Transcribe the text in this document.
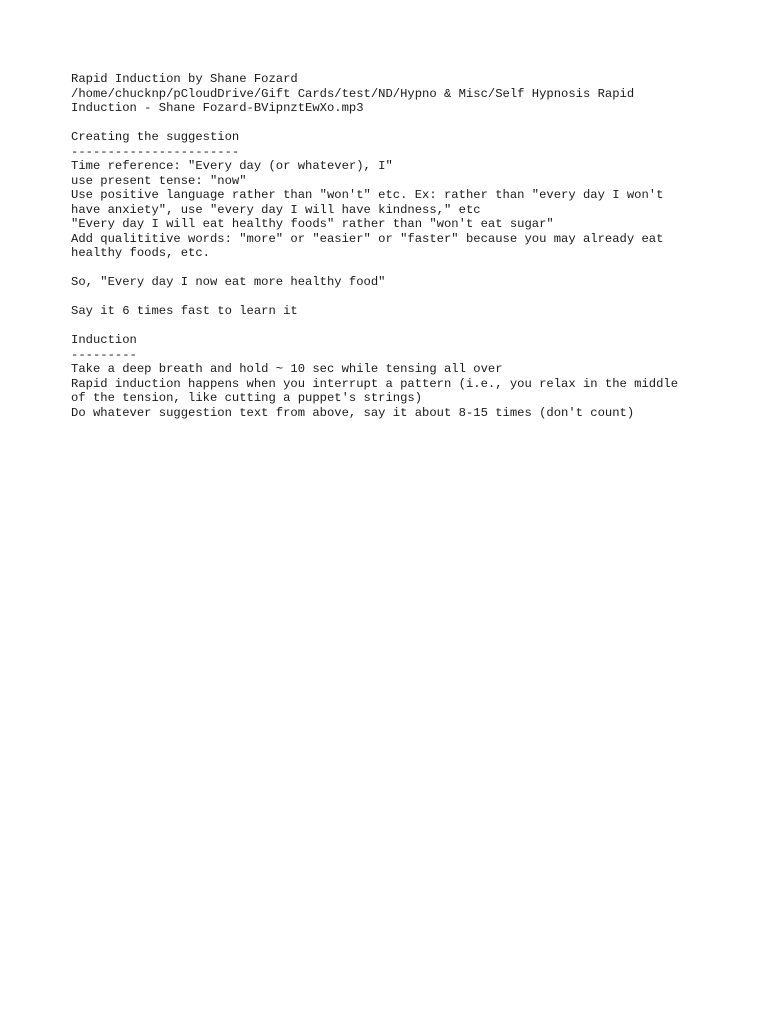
Rapid Induction by Shane Fozard
/home/chucknp/pCloudDrive/Gift Cards/test/ND/Hypno & Misc/Self Hypnosis Rapid
Induction - Shane Fozard-BVipnztEwXo.mp3
Creating the suggestion
-----------------------
Time reference: "Every day (or whatever), I"
use present tense: "now"
Use positive language rather than "won't" etc. Ex: rather than "every day I won't
have anxiety", use "every day I will have kindness," etc
"Every day I will eat healthy foods" rather than "won't eat sugar"
Add qualititive words: "more" or "easier" or "faster" because you may already eat
healthy foods, etc.
So, "Every day I now eat more healthy food"
Say it 6 times fast to learn it
Induction
---------
Take a deep breath and hold ~ 10 sec while tensing all over
Rapid induction happens when you interrupt a pattern (i.e., you relax in the middle
of the tension, like cutting a puppet's strings)
Do whatever suggestion text from above, say it about 8-15 times (don't count)
